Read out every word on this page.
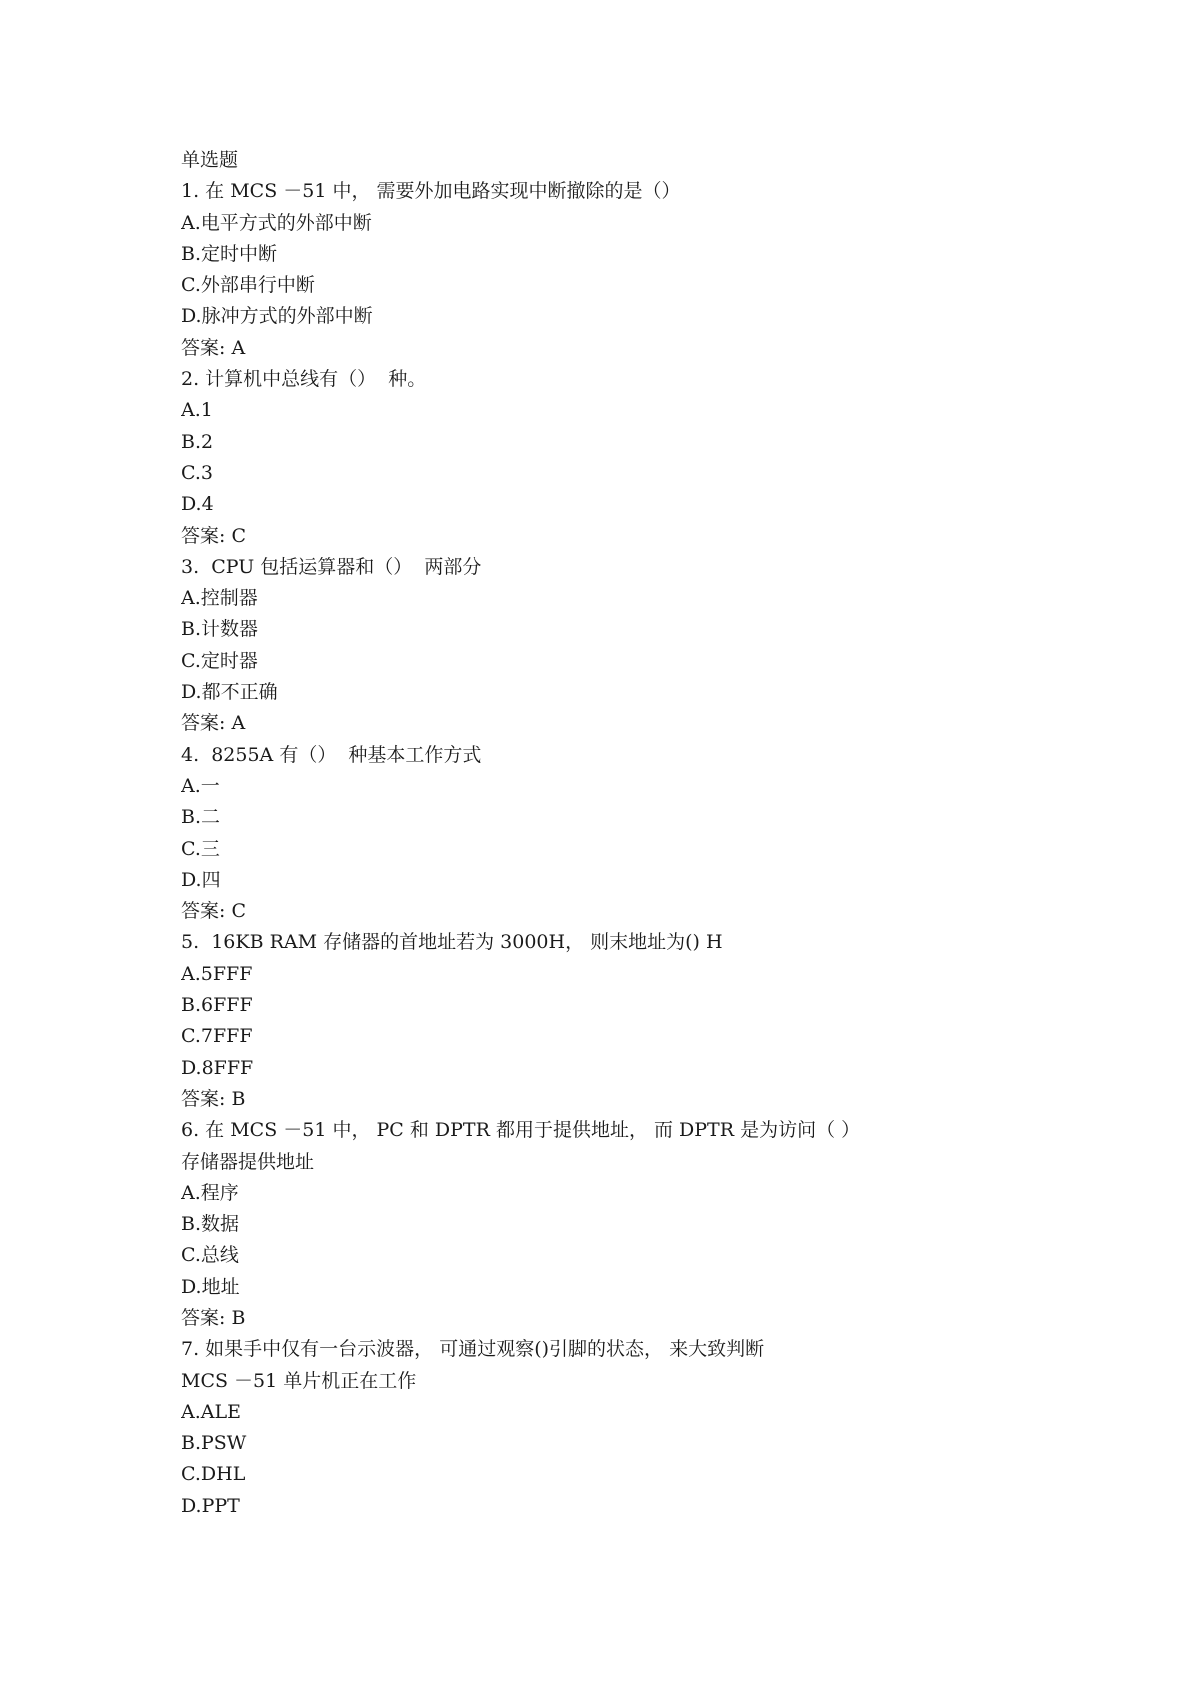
单选题
1. 在 MCS －51 中， 需要外加电路实现中断撤除的是（）
A.电平方式的外部中断
B.定时中断
C.外部串行中断
D.脉冲方式的外部中断
答案: A
2. 计算机中总线有（）  种。
A.1
B.2
C.3
D.4
答案: C
3.  CPU 包括运算器和（）  两部分
A.控制器
B.计数器
C.定时器
D.都不正确
答案: A
4.  8255A 有（）  种基本工作方式
A.一
B.二
C.三
D.四
答案: C
5.  16KB RAM 存储器的首地址若为 3000H， 则末地址为() H
A.5FFF
B.6FFF
C.7FFF
D.8FFF
答案: B
6. 在 MCS －51 中， PC 和 DPTR 都用于提供地址， 而 DPTR 是为访问（ ）
存储器提供地址
A.程序
B.数据
C.总线
D.地址
答案: B
7. 如果手中仅有一台示波器， 可通过观察()引脚的状态， 来大致判断
MCS －51 单片机正在工作
A.ALE
B.PSW
C.DHL
D.PPT
